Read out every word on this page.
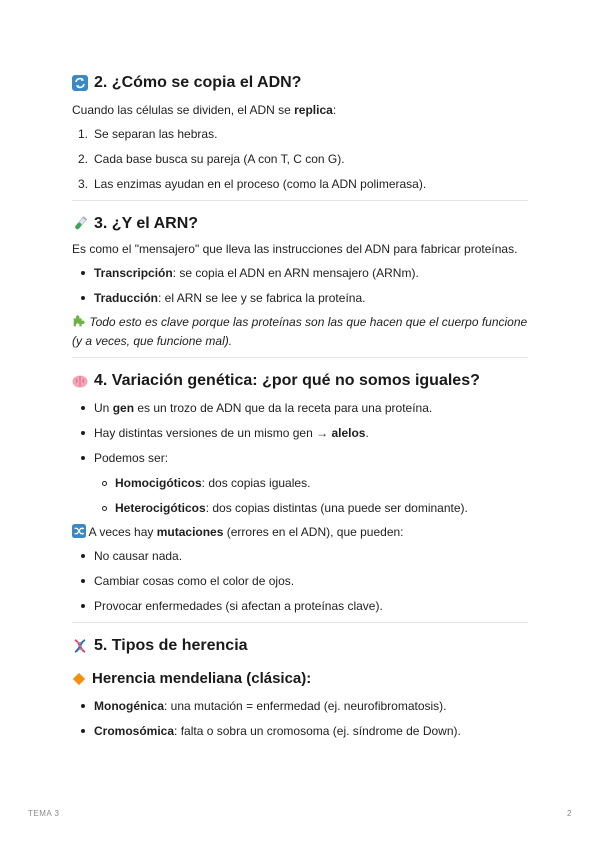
2. ¿Cómo se copia el ADN?

Cuando las células se dividen, el ADN se replica:

1. Se separan las hebras.
2. Cada base busca su pareja (A con T, C con G).
3. Las enzimas ayudan en el proceso (como la ADN polimerasa).
3. ¿Y el ARN?

Es como el "mensajero" que lleva las instrucciones del ADN para fabricar proteínas.

Transcripción: se copia el ADN en ARN mensajero (ARNm).
Traducción: el ARN se lee y se fabrica la proteína.

Todo esto es clave porque las proteínas son las que hacen que el cuerpo funcione (y a veces, que funcione mal).

4. Variación genética: ¿por qué no somos iguales?
Un gen es un trozo de ADN que da la receta para una proteína.
Hay distintas versiones de un mismo gen → alelos.
Podemos ser:
Homocigóticos: dos copias iguales.
Heterocigóticos: dos copias distintas (una puede ser dominante).

A veces hay mutaciones (errores en el ADN), que pueden:

No causar nada.
Cambiar cosas como el color de ojos.
Provocar enfermedades (si afectan a proteínas clave).
5. Tipos de herencia
Herencia mendeliana (clásica):
Monogénica: una mutación = enfermedad (ej. neurofibromatosis).
Cromosómica: falta o sobra un cromosoma (ej. síndrome de Down).
TEMA 3	2
